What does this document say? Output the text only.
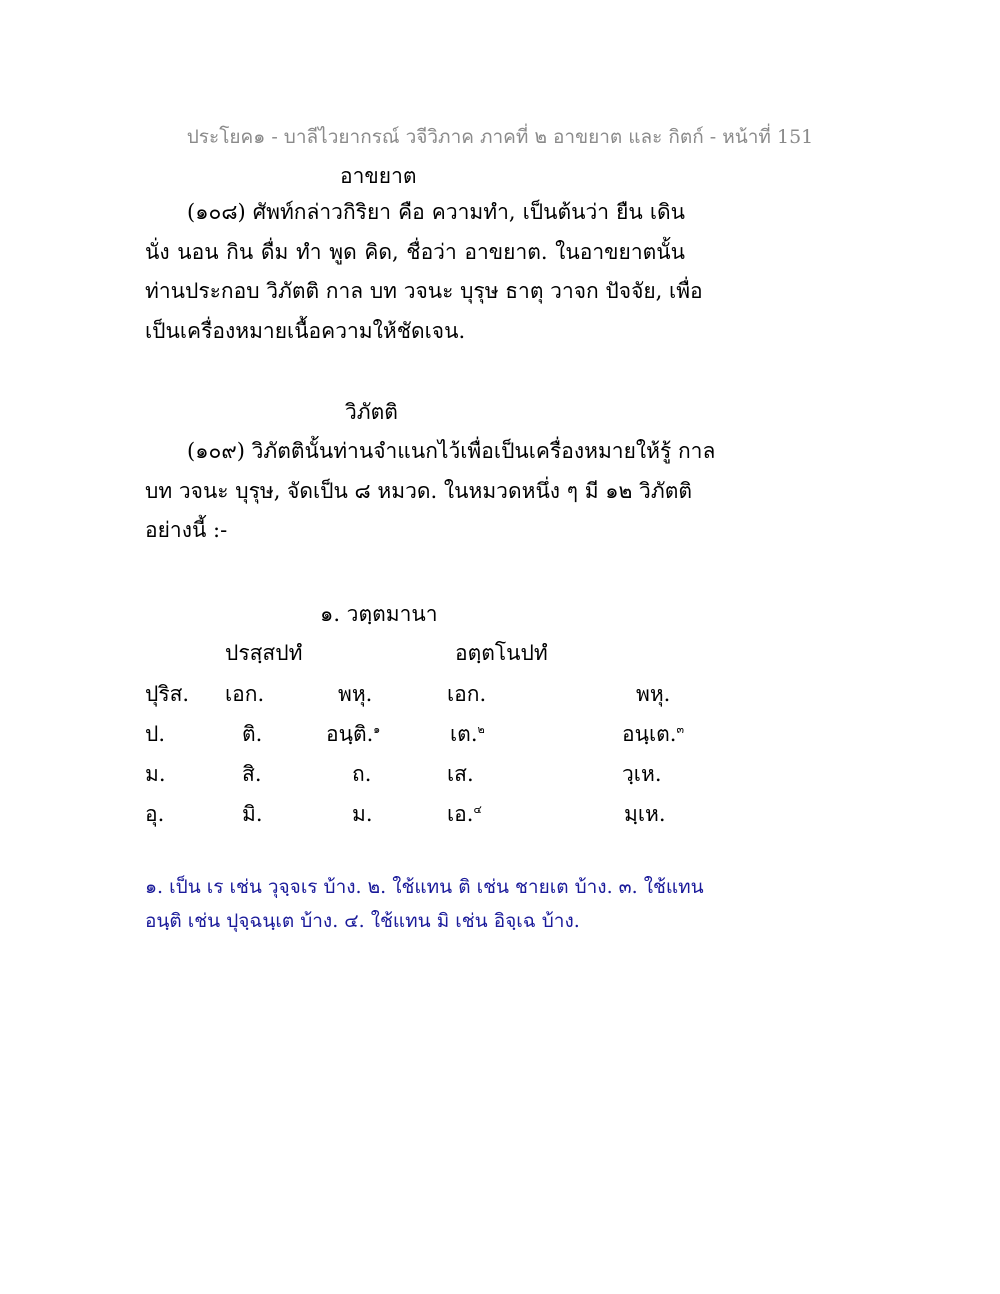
ประโยค๑ - บาลีไวยากรณ์ วจีวิภาค ภาคที่ ๒ อาขยาต และ กิตก์ - หน้าที่ 151
อาขยาต
(๑๐๘) ศัพท์กล่าวกิริยา คือ ความทำ, เป็นต้นว่า ยืน เดิน
นั่ง นอน กิน ดื่ม ทำ พูด คิด, ชื่อว่า อาขยาต. ในอาขยาตนั้น
ท่านประกอบ วิภัตติ กาล บท วจนะ บุรุษ ธาตุ วาจก ปัจจัย, เพื่อ
เป็นเครื่องหมายเนื้อความให้ชัดเจน.
วิภัตติ
(๑๐๙) วิภัตตินั้นท่านจำแนกไว้เพื่อเป็นเครื่องหมายให้รู้ กาล
บท วจนะ บุรุษ, จัดเป็น ๘ หมวด. ในหมวดหนึ่ง ๆ มี ๑๒ วิภัตติ
อย่างนี้ :-
๑. วตฺตมานา
ปรสฺสปทํ	อตฺตโนปทํ
ปุริส. เอก.	พหุ.	เอก.	พหุ.
ป.	ติ.	อนฺติ.$^๑$	เต.$^๒$	อนฺเต.$^๓$
ม.	สิ.	ถ.	เส.	วฺเห.
อุ.	มิ.	ม.	เอ.$^๔$	มฺเห.
๑. เป็น เร เช่น วุจฺจเร บ้าง. ๒. ใช้แทน ติ เช่น ชายเต บ้าง. ๓. ใช้แทน
อนฺติ เช่น ปุจฺฉนฺเต บ้าง. ๔. ใช้แทน มิ เช่น อิจฺเฉ บ้าง.
